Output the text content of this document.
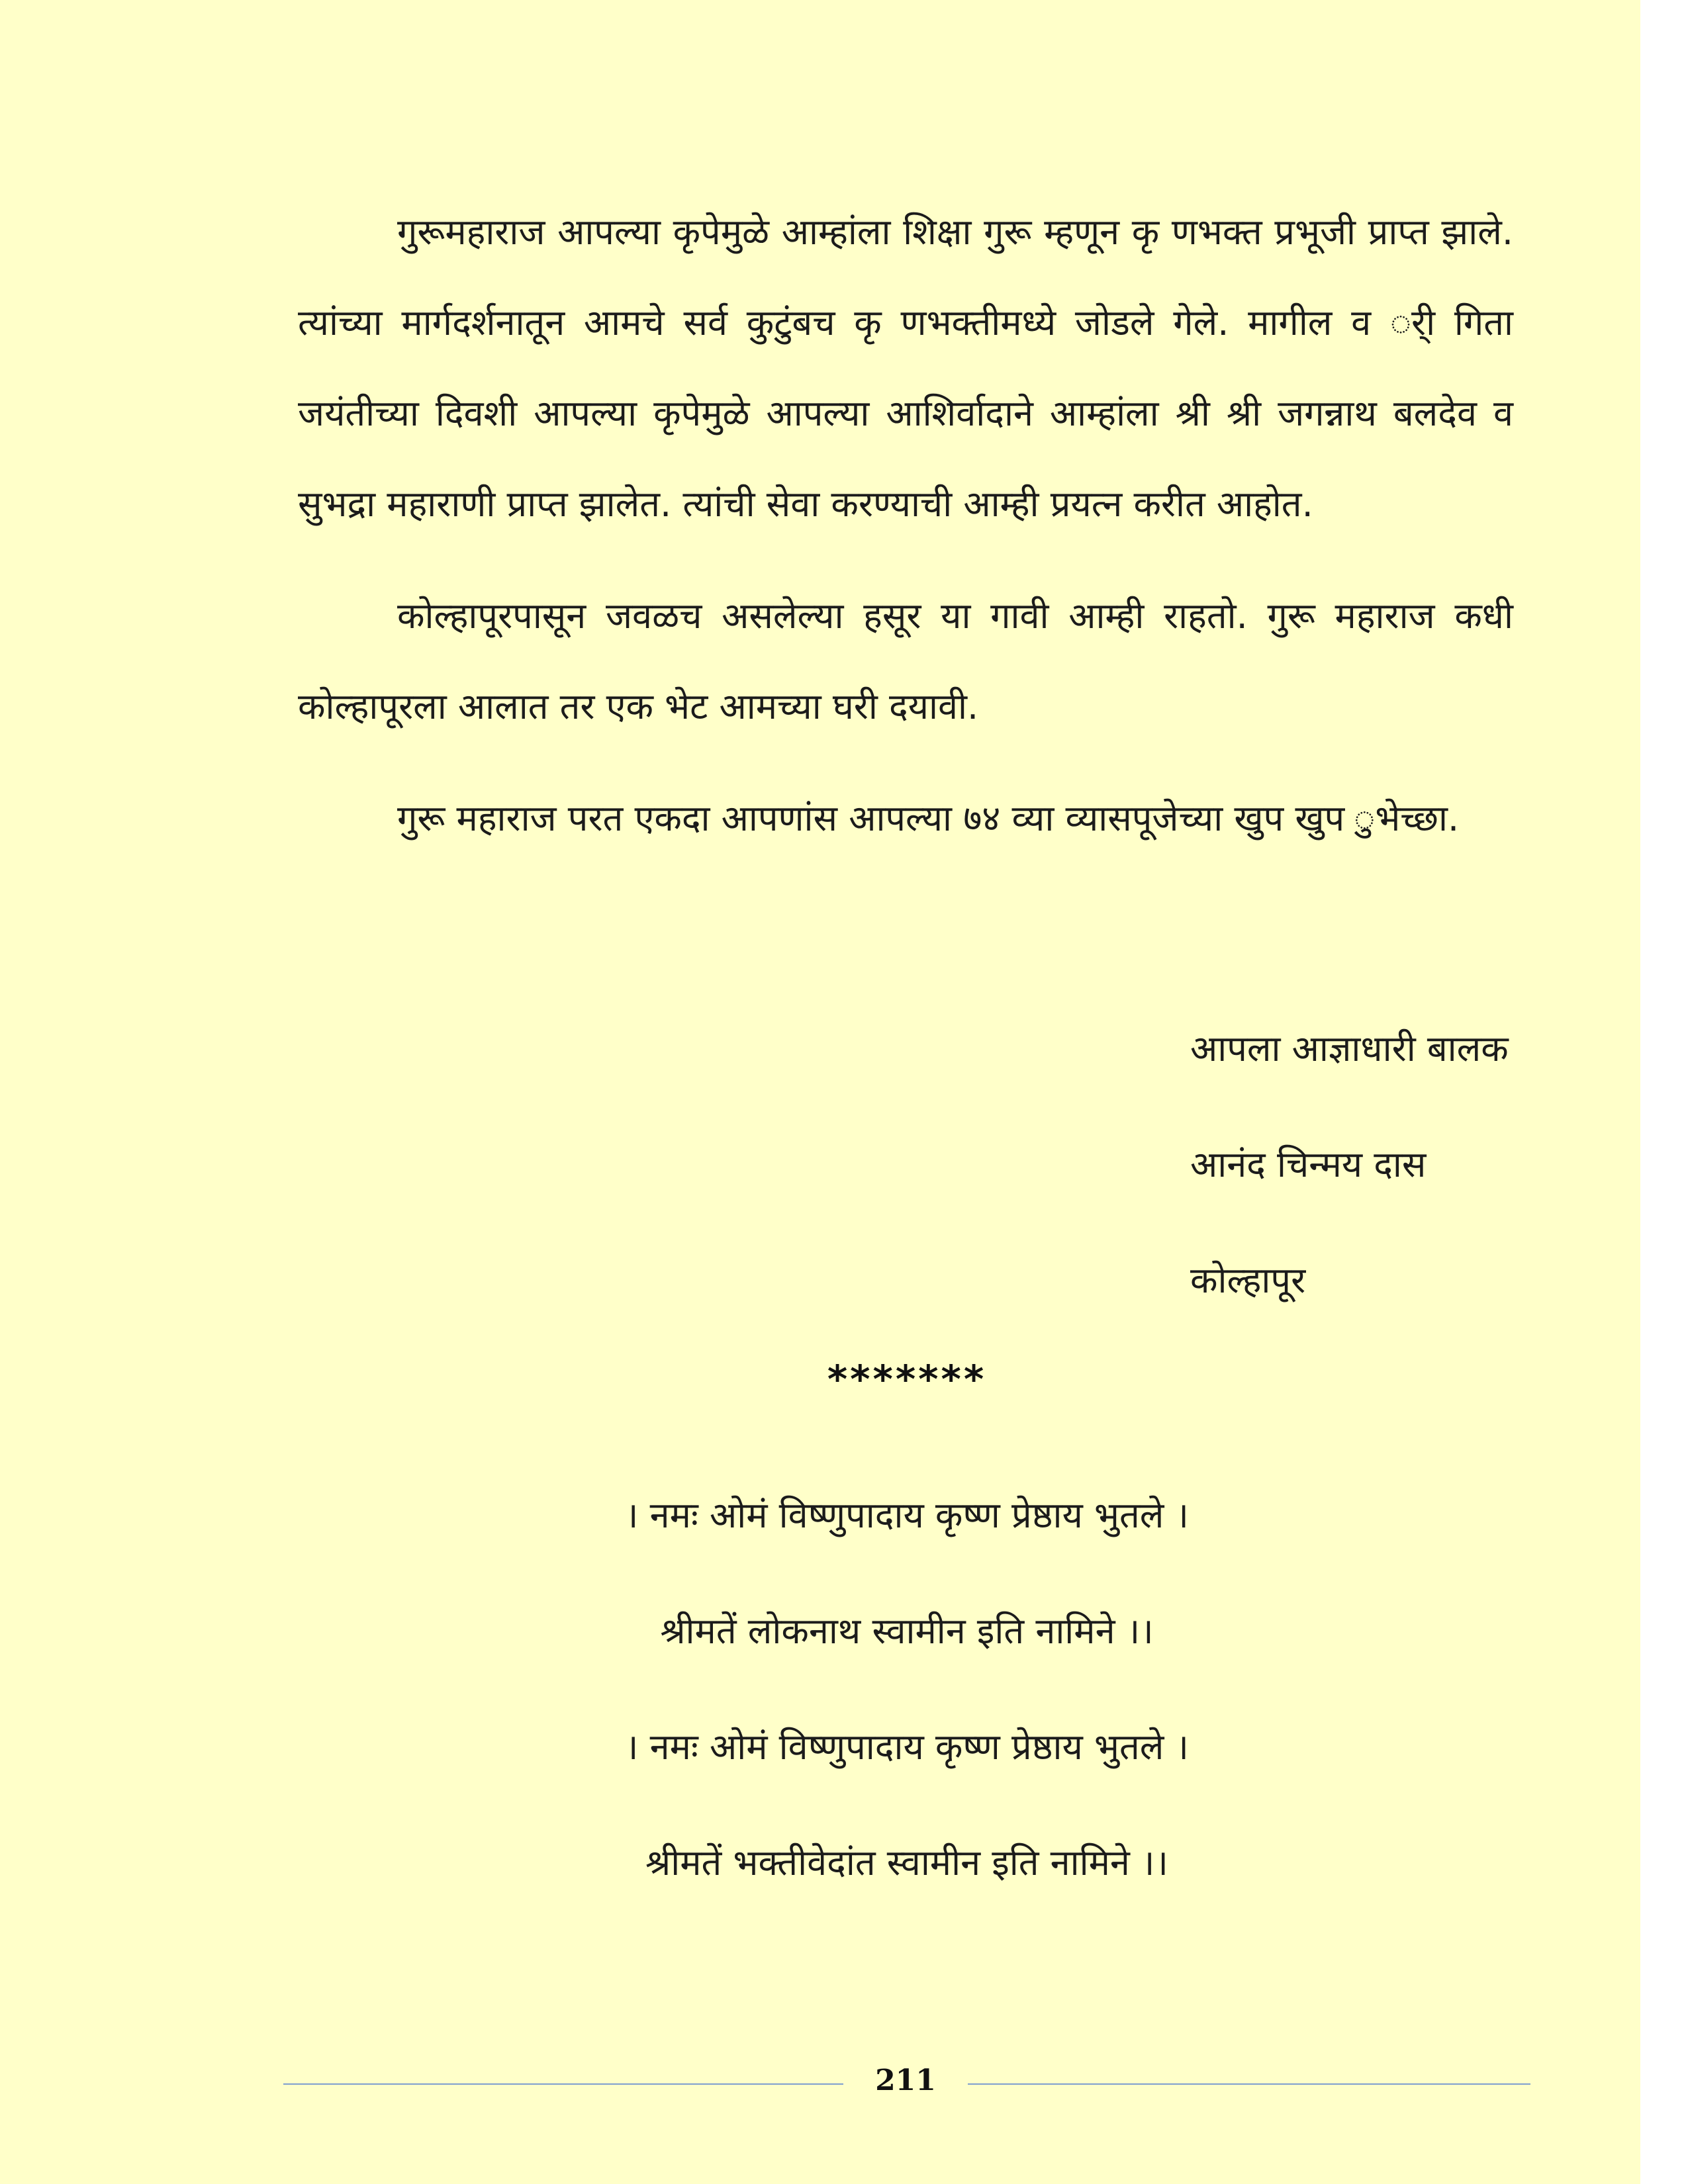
गुरूमहाराज आपल्या कृपेमुळे आम्हांला शिक्षा गुरू म्हणून कृ णभक्त प्रभूजी प्राप्त झाले. त्यांच्या मार्गदर्शनातून आमचे सर्व कुटुंबच कृ णभक्तीमध्ये जोडले गेले. मागील व र्ी गिता जयंतीच्या दिवशी आपल्या कृपेमुळे आपल्या आशिर्वादाने आम्हांला श्री श्री जगन्नाथ बलदेव व सुभद्रा महाराणी प्राप्त झालेत. त्यांची सेवा करण्याची आम्ही प्रयत्न करीत आहोत.

कोल्हापूरपासून जवळच असलेल्या हसूर या गावी आम्ही राहतो. गुरू महाराज कधी कोल्हापूरला आलात तर एक भेट आमच्या घरी दयावी.

गुरू महाराज परत एकदा आपणांस आपल्या ७४ व्या व्यासपूजेच्या खुप खुप ुभेच्छा.

आपला आज्ञाधारी बालक

आनंद चिन्मय दास

कोल्हापूर

*******

। नमः ओमं विष्णुपादाय कृष्ण प्रेष्ठाय भुतले ।

श्रीमतें लोकनाथ स्वामीन इति नामिने ।।

। नमः ओमं विष्णुपादाय कृष्ण प्रेष्ठाय भुतले ।

श्रीमतें भक्तीवेदांत स्वामीन इति नामिने ।।

211
